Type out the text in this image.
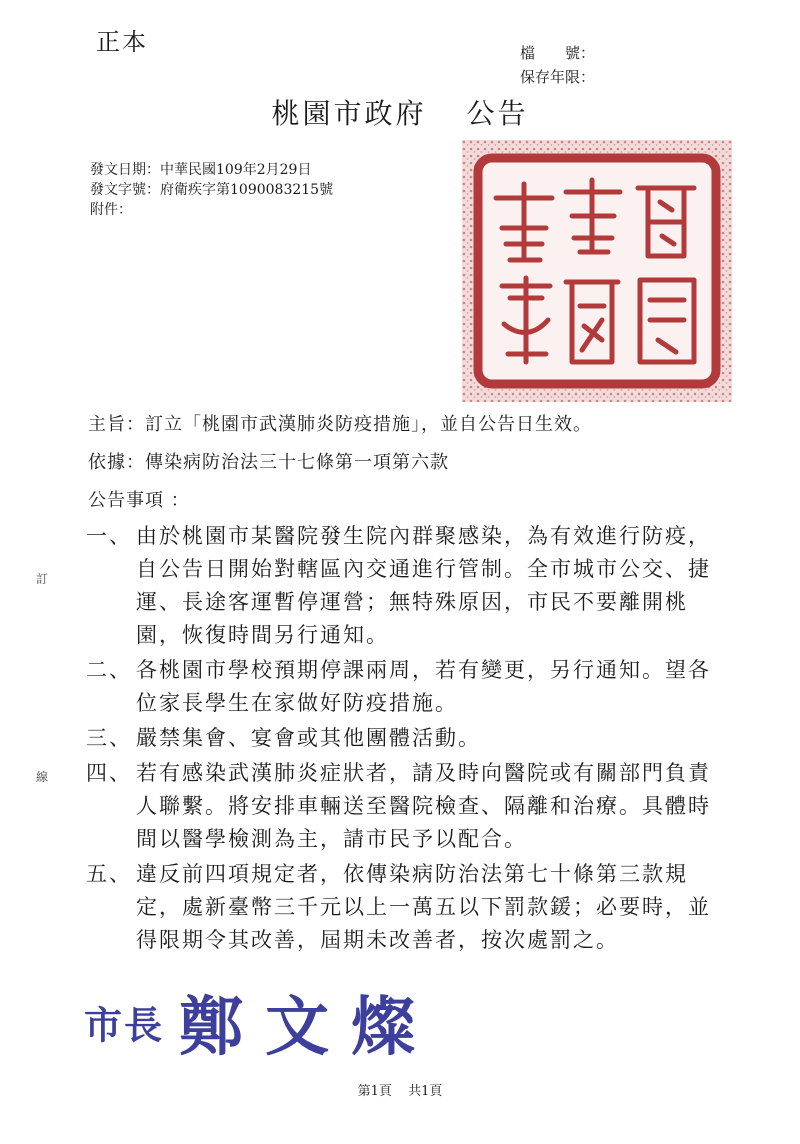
正本	檔　　號：
保存年限：
桃園市政府 公告
發文日期：中華民國109年2月29日
發文字號：府衛疾字第1090083215號
附件：
主旨：訂立「桃園市武漢肺炎防疫措施」，並自公告日生效。
依據：傳染病防治法三十七條第一項第六款
公告事項 ：
一、 由於桃園市某醫院發生院內群聚感染，為有效進行防疫，自公告日開始對轄區內交通進行管制。全市城市公交、捷運、長途客運暫停運營；無特殊原因，市民不要離開桃園，恢復時間另行通知。
二、 各桃園市學校預期停課兩周，若有變更，另行通知。望各位家長學生在家做好防疫措施。
三、 嚴禁集會、宴會或其他團體活動。
四、 若有感染武漢肺炎症狀者，請及時向醫院或有關部門負責人聯繫。將安排車輛送至醫院檢查、隔離和治療。具體時間以醫學檢測為主，請市民予以配合。
五、 違反前四項規定者，依傳染病防治法第七十條第三款規定，處新臺幣三千元以上一萬五以下罰款鍰；必要時，並得限期令其改善，屆期未改善者，按次處罰之。
訂
線
市長 鄭文燦
第1頁 共1頁
